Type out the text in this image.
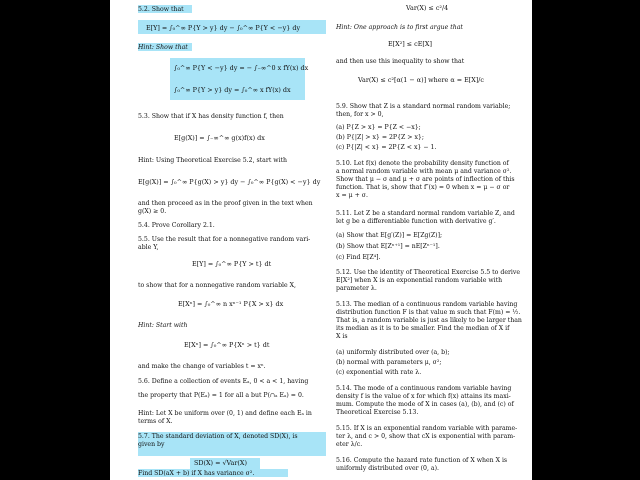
5.2. Show that
E[Y] = ∫₀^∞ P{Y > y} dy − ∫₀^∞ P{Y < −y} dy
Hint: Show that
∫₀^∞ P{Y < −y} dy = − ∫₋∞^0 x fY(x) dx
∫₀^∞ P{Y > y} dy = ∫₀^∞ x fY(x) dx
5.3. Show that if X has density function f, then
E[g(X)] = ∫₋∞^∞ g(x)f(x) dx
Hint: Using Theoretical Exercise 5.2, start with
E[g(X)] = ∫₀^∞ P{g(X) > y} dy − ∫₀^∞ P{g(X) < −y} dy
and then proceed as in the proof given in the text when
g(X) ≥ 0.
5.4. Prove Corollary 2.1.
5.5. Use the result that for a nonnegative random vari-
able Y,
E[Y] = ∫₀^∞ P{Y > t} dt
to show that for a nonnegative random variable X,
E[Xⁿ] = ∫₀^∞ n xⁿ⁻¹ P{X > x} dx
Hint: Start with
E[Xⁿ] = ∫₀^∞ P{Xⁿ > t} dt
and make the change of variables t = xⁿ.
5.6. Define a collection of events Eₐ, 0 < a < 1, having
the property that P(Eₐ) = 1 for all a but P(∩ₐ Eₐ) = 0.
Hint: Let X be uniform over (0, 1) and define each Eₐ in
terms of X.
5.7. The standard deviation of X, denoted SD(X), is
given by
SD(X) = √Var(X)
Find SD(aX + b) if X has variance σ².
Var(X) ≤ c²/4
Hint: One approach is to first argue that
E[X²] ≤ cE[X]
and then use this inequality to show that
Var(X) ≤ c²[α(1 − α)] where α = E[X]/c
5.9. Show that Z is a standard normal random variable;
then, for x > 0,
(a) P{Z > x} = P{Z < −x};
(b) P{|Z| > x} = 2P{Z > x};
(c) P{|Z| < x} = 2P{Z < x} − 1.
5.10. Let f(x) denote the probability density function of
a normal random variable with mean μ and variance σ².
Show that μ − σ and μ + σ are points of inflection of this
function. That is, show that f″(x) = 0 when x = μ − σ or
x = μ + σ.
5.11. Let Z be a standard normal random variable Z, and
let g be a differentiable function with derivative g′.
(a) Show that E[g′(Z)] = E[Zg(Z)];
(b) Show that E[Zⁿ⁺¹] = nE[Zⁿ⁻¹].
(c) Find E[Z⁴].
5.12. Use the identity of Theoretical Exercise 5.5 to derive
E[X²] when X is an exponential random variable with
parameter λ.
5.13. The median of a continuous random variable having
distribution function F is that value m such that F(m) = ½.
That is, a random variable is just as likely to be larger than
its median as it is to be smaller. Find the median of X if
X is
(a) uniformly distributed over (a, b);
(b) normal with parameters μ, σ²;
(c) exponential with rate λ.
5.14. The mode of a continuous random variable having
density f is the value of x for which f(x) attains its maxi-
mum. Compute the mode of X in cases (a), (b), and (c) of
Theoretical Exercise 5.13.
5.15. If X is an exponential random variable with parame-
ter λ, and c > 0, show that cX is exponential with param-
eter λ/c.
5.16. Compute the hazard rate function of X when X is
uniformly distributed over (0, a).
